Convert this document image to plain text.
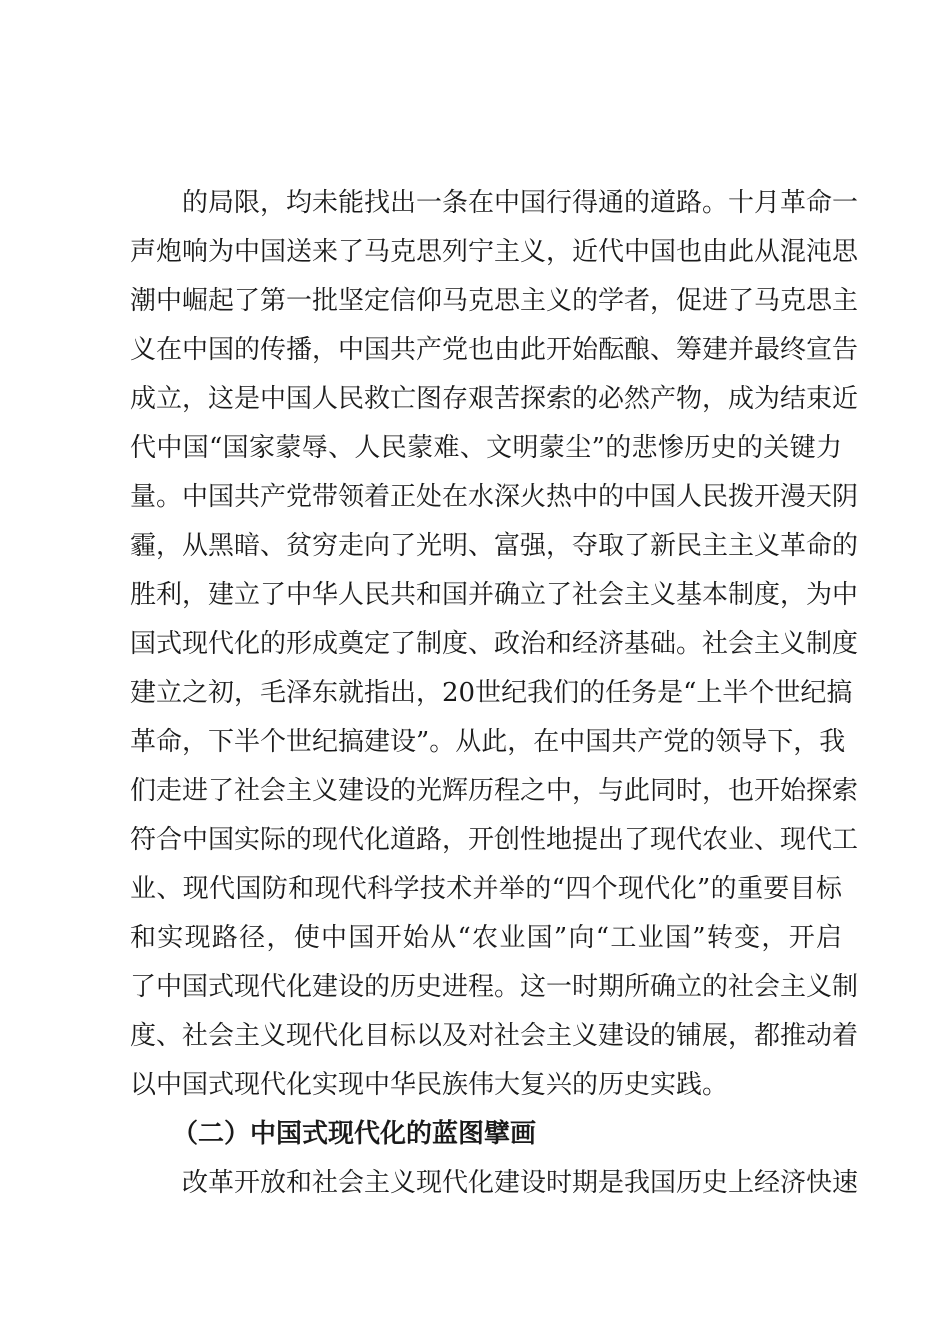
的局限，均未能找出一条在中国行得通的道路。十月革命一
声炮响为中国送来了马克思列宁主义，近代中国也由此从混沌思
潮中崛起了第一批坚定信仰马克思主义的学者，促进了马克思主
义在中国的传播，中国共产党也由此开始酝酿、筹建并最终宣告
成立，这是中国人民救亡图存艰苦探索的必然产物，成为结束近
代中国“国家蒙辱、人民蒙难、文明蒙尘”的悲惨历史的关键力
量。中国共产党带领着正处在水深火热中的中国人民拨开漫天阴
霾，从黑暗、贫穷走向了光明、富强，夺取了新民主主义革命的
胜利，建立了中华人民共和国并确立了社会主义基本制度，为中
国式现代化的形成奠定了制度、政治和经济基础。社会主义制度
建立之初，毛泽东就指出，20世纪我们的任务是“上半个世纪搞
革命，下半个世纪搞建设”。从此，在中国共产党的领导下，我
们走进了社会主义建设的光辉历程之中，与此同时，也开始探索
符合中国实际的现代化道路，开创性地提出了现代农业、现代工
业、现代国防和现代科学技术并举的“四个现代化”的重要目标
和实现路径，使中国开始从“农业国”向“工业国”转变，开启
了中国式现代化建设的历史进程。这一时期所确立的社会主义制
度、社会主义现代化目标以及对社会主义建设的铺展，都推动着
以中国式现代化实现中华民族伟大复兴的历史实践。
（二）中国式现代化的蓝图擘画
改革开放和社会主义现代化建设时期是我国历史上经济快速
